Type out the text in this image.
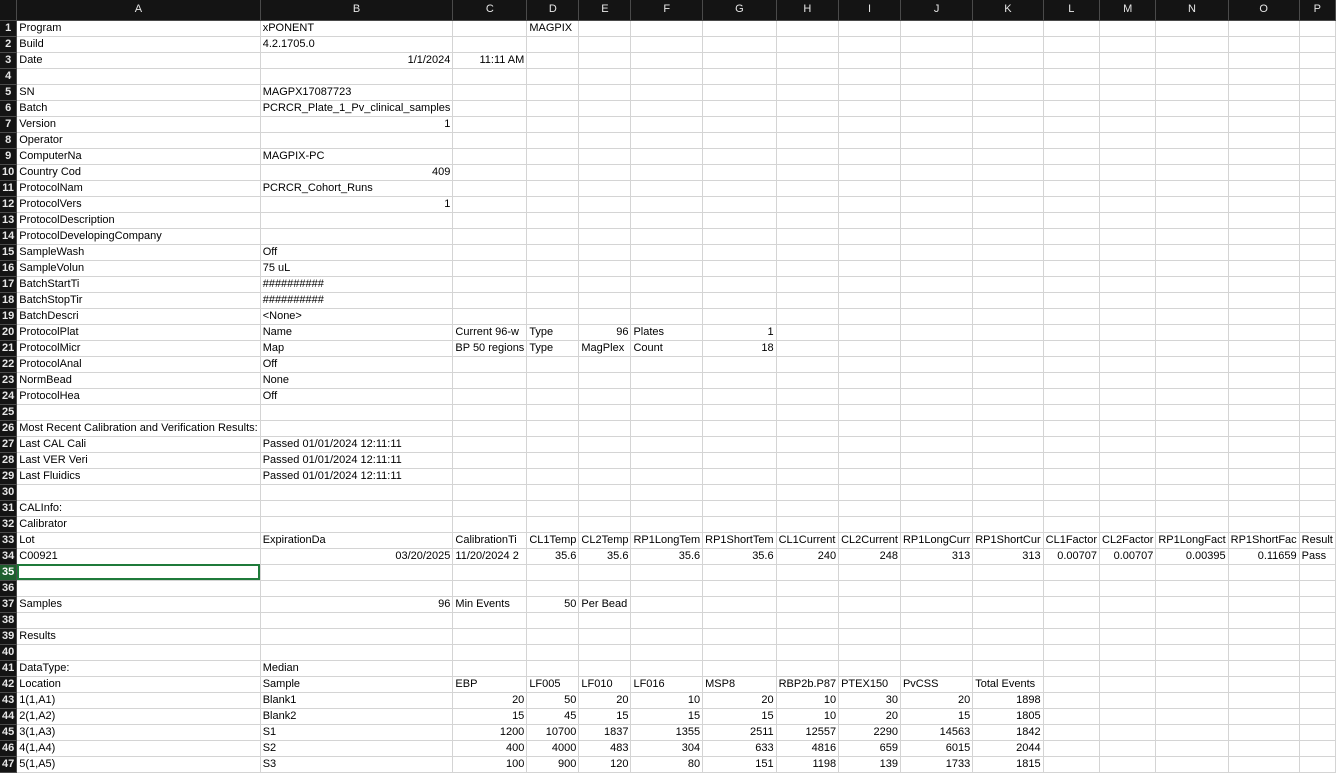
	A	B	C	D	E	F	G	H	I	J	K	L	M	N	O	P
1	Program	xPONENT		MAGPIX												
2	Build	4.2.1705.0														
3	Date	1/1/2024	11:11 AM													
4																
5	SN	MAGPX17087723														
6	Batch	PCRCR_Plate_1_Pv_clinical_samples														
7	Version	1														
8	Operator															
9	ComputerNa	MAGPIX-PC														
10	Country Cod	409														
11	ProtocolNam	PCRCR_Cohort_Runs														
12	ProtocolVers	1														
13	ProtocolDescription															
14	ProtocolDevelopingCompany															
15	SampleWash	Off														
16	SampleVolun	75 uL														
17	BatchStartTi	##########														
18	BatchStopTir	##########														
19	BatchDescri	<None>														
20	ProtocolPlat	Name	Current 96-w	Type	96	Plates	1									
21	ProtocolMicr	Map	BP 50 regions	Type	MagPlex	Count	18									
22	ProtocolAnal	Off														
23	NormBead	None														
24	ProtocolHea	Off														
25																
26	Most Recent Calibration and Verification Results:															
27	Last CAL Cali	Passed 01/01/2024 12:11:11														
28	Last VER Veri	Passed 01/01/2024 12:11:11														
29	Last Fluidics	Passed 01/01/2024 12:11:11														
30																
31	CALInfo:															
32	Calibrator															
33	Lot	ExpirationDa	CalibrationTi	CL1Temp	CL2Temp	RP1LongTem	RP1ShortTem	CL1Current	CL2Current	RP1LongCurr	RP1ShortCur	CL1Factor	CL2Factor	RP1LongFact	RP1ShortFac	Result
34	C00921	03/20/2025	11/20/2024 2	35.6	35.6	35.6	35.6	240	248	313	313	0.00707	0.00707	0.00395	0.11659	Pass
35																
36																
37	Samples	96	Min Events	50	Per Bead											
38																
39	Results															
40																
41	DataType:	Median														
42	Location	Sample	EBP	LF005	LF010	LF016	MSP8	RBP2b.P87	PTEX150	PvCSS	Total Events					
43	1(1,A1)	Blank1	20	50	20	10	20	10	30	20	1898					
44	2(1,A2)	Blank2	15	45	15	15	15	10	20	15	1805					
45	3(1,A3)	S1	1200	10700	1837	1355	2511	12557	2290	14563	1842					
46	4(1,A4)	S2	400	4000	483	304	633	4816	659	6015	2044					
47	5(1,A5)	S3	100	900	120	80	151	1198	139	1733	1815					
